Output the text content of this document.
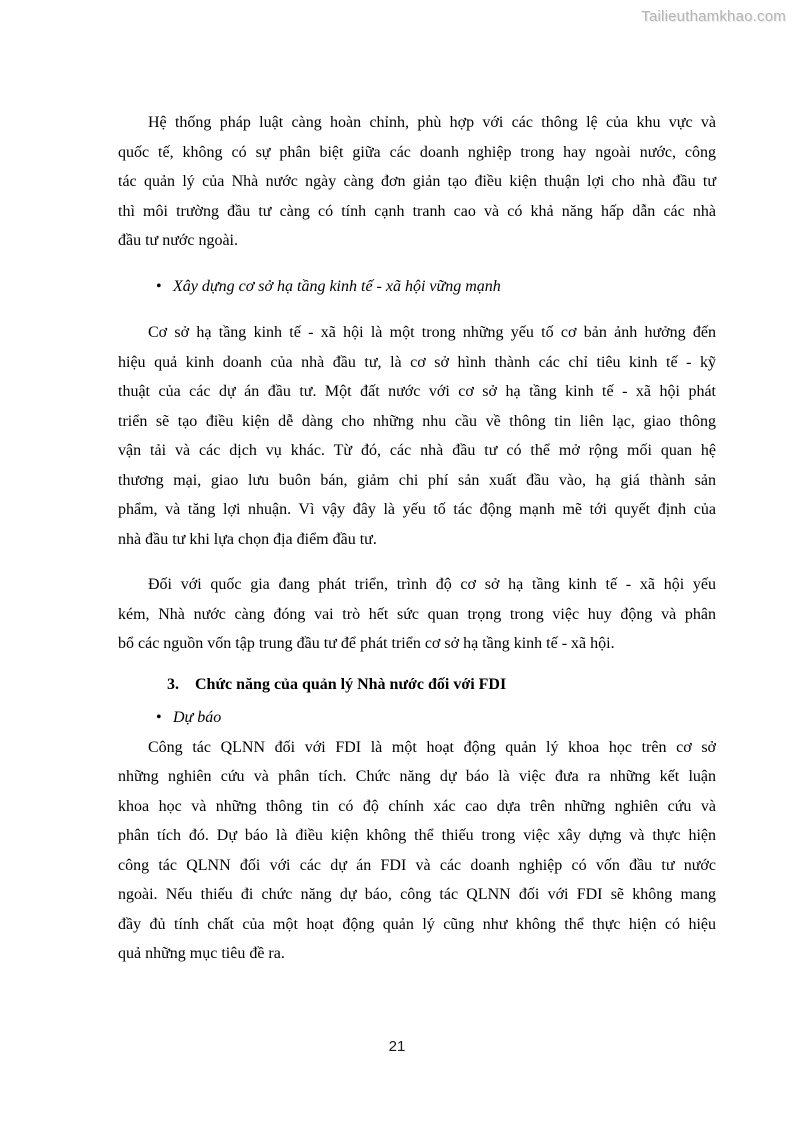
Tailieuthamkhao.com
Hệ thống pháp luật càng hoàn chỉnh, phù hợp với các thông lệ của khu vực và
quốc tế, không có sự phân biệt giữa các doanh nghiệp trong hay ngoài nước, công
tác quản lý của Nhà nước ngày càng đơn giản tạo điều kiện thuận lợi cho nhà đầu tư
thì môi trường đầu tư càng có tính cạnh tranh cao và có khả năng hấp dẫn các nhà
đầu tư nước ngoài.
• Xây dựng cơ sở hạ tầng kinh tế - xã hội vững mạnh
Cơ sở hạ tầng kinh tế - xã hội là một trong những yếu tố cơ bản ảnh hưởng đến
hiệu quả kinh doanh của nhà đầu tư, là cơ sở hình thành các chỉ tiêu kinh tế - kỹ
thuật của các dự án đầu tư. Một đất nước với cơ sở hạ tầng kinh tế - xã hội phát
triển sẽ tạo điều kiện dễ dàng cho những nhu cầu về thông tin liên lạc, giao thông
vận tải và các dịch vụ khác. Từ đó, các nhà đầu tư có thể mở rộng mối quan hệ
thương mại, giao lưu buôn bán, giảm chi phí sản xuất đầu vào, hạ giá thành sản
phẩm, và tăng lợi nhuận. Vì vậy đây là yếu tố tác động mạnh mẽ tới quyết định của
nhà đầu tư khi lựa chọn địa điểm đầu tư.
Đối với quốc gia đang phát triển, trình độ cơ sở hạ tầng kinh tế - xã hội yếu
kém, Nhà nước càng đóng vai trò hết sức quan trọng trong việc huy động và phân
bổ các nguồn vốn tập trung đầu tư để phát triển cơ sở hạ tầng kinh tế - xã hội.
3. Chức năng của quản lý Nhà nước đối với FDI
• Dự báo
Công tác QLNN đối với FDI là một hoạt động quản lý khoa học trên cơ sở
những nghiên cứu và phân tích. Chức năng dự báo là việc đưa ra những kết luận
khoa học và những thông tin có độ chính xác cao dựa trên những nghiên cứu và
phân tích đó. Dự báo là điều kiện không thể thiếu trong việc xây dựng và thực hiện
công tác QLNN đối với các dự án FDI và các doanh nghiệp có vốn đầu tư nước
ngoài. Nếu thiếu đi chức năng dự báo, công tác QLNN đối với FDI sẽ không mang
đầy đủ tính chất của một hoạt động quản lý cũng như không thể thực hiện có hiệu
quả những mục tiêu đề ra.
21
